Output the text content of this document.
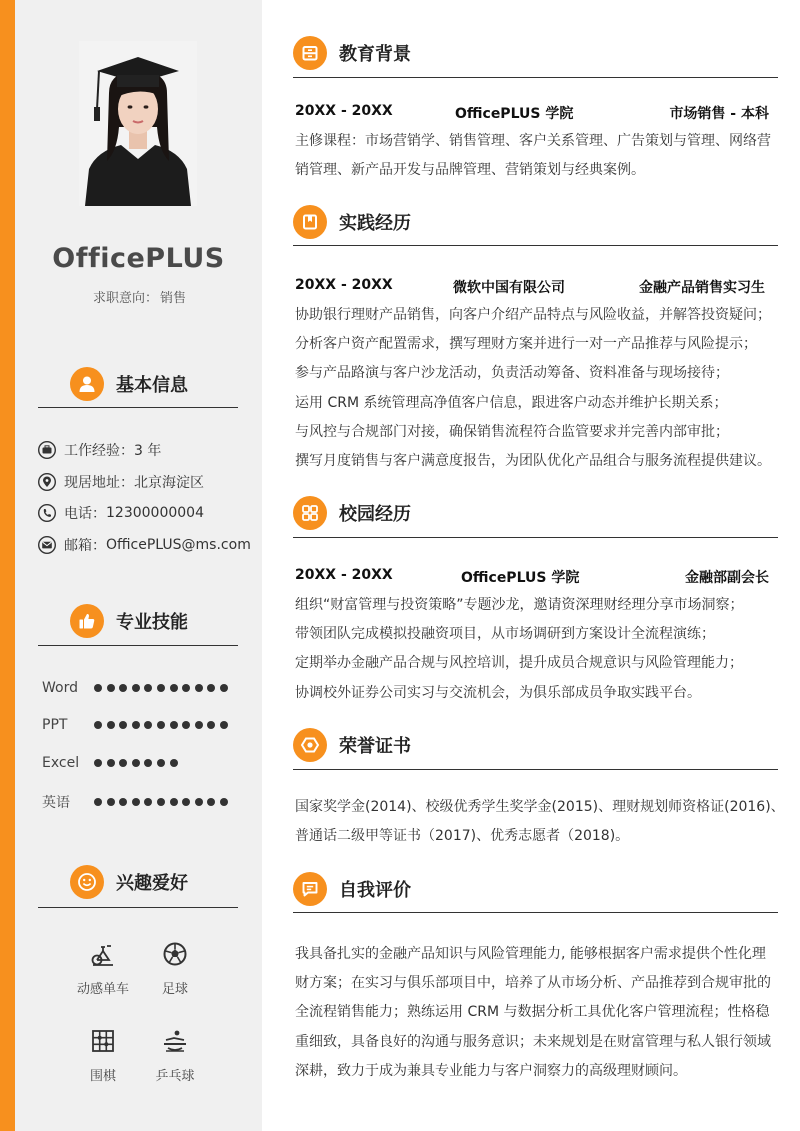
OfficePLUS
求职意向： 销售
基本信息
工作经验： 3 年
现居地址： 北京海淀区
电话： 12300000004
邮箱： OfficePLUS@ms.com
专业技能
Word
PPT
Excel
英语
兴趣爱好
动感单车	足球
围棋	乒乓球
教育背景
20XX - 20XX	OfficePLUS 学院	市场销售 - 本科
主修课程：市场营销学、销售管理、客户关系管理、广告策划与管理、网络营
销管理、新产品开发与品牌管理、营销策划与经典案例。
实践经历
20XX - 20XX	微软中国有限公司	金融产品销售实习生
协助银行理财产品销售，向客户介绍产品特点与风险收益，并解答投资疑问；
分析客户资产配置需求，撰写理财方案并进行一对一产品推荐与风险提示；
参与产品路演与客户沙龙活动，负责活动筹备、资料准备与现场接待；
运用 CRM 系统管理高净值客户信息，跟进客户动态并维护长期关系；
与风控与合规部门对接，确保销售流程符合监管要求并完善内部审批；
撰写月度销售与客户满意度报告，为团队优化产品组合与服务流程提供建议。
校园经历
20XX - 20XX	OfficePLUS 学院	金融部副会长
组织“财富管理与投资策略”专题沙龙，邀请资深理财经理分享市场洞察；
带领团队完成模拟投融资项目，从市场调研到方案设计全流程演练；
定期举办金融产品合规与风控培训，提升成员合规意识与风险管理能力；
协调校外证券公司实习与交流机会，为俱乐部成员争取实践平台。
荣誉证书
国家奖学金(2014)、校级优秀学生奖学金(2015)、理财规划师资格证(2016)、
普通话二级甲等证书（2017)、优秀志愿者（2018)。
自我评价
我具备扎实的金融产品知识与风险管理能力, 能够根据客户需求提供个性化理
财方案；在实习与俱乐部项目中，培养了从市场分析、产品推荐到合规审批的
全流程销售能力；熟练运用 CRM 与数据分析工具优化客户管理流程；性格稳
重细致，具备良好的沟通与服务意识；未来规划是在财富管理与私人银行领域
深耕，致力于成为兼具专业能力与客户洞察力的高级理财顾问。
